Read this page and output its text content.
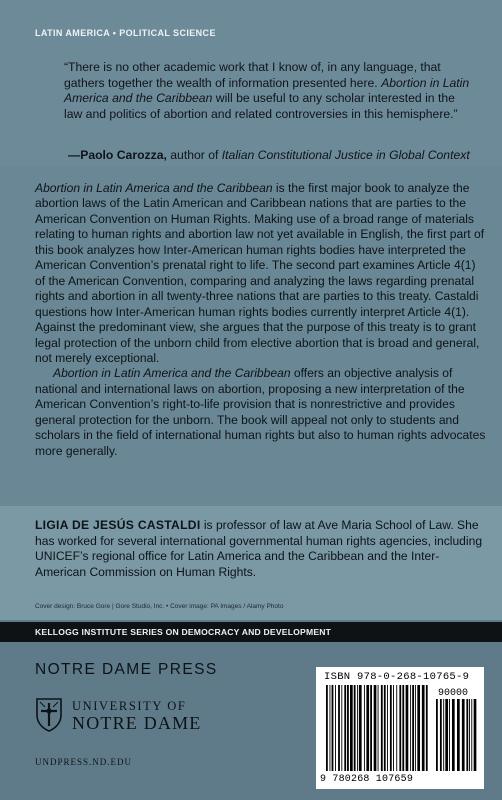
LATIN AMERICA • POLITICAL SCIENCE
“There is no other academic work that I know of, in any language, that gathers together the wealth of information presented here. Abortion in Latin America and the Caribbean will be useful to any scholar interested in the law and politics of abortion and related controversies in this hemisphere.”
—Paolo Carozza, author of Italian Constitutional Justice in Global Context

Abortion in Latin America and the Caribbean is the first major book to analyze the abortion laws of the Latin American and Caribbean nations that are parties to the American Convention on Human Rights. Making use of a broad range of materials relating to human rights and abortion law not yet available in English, the first part of this book analyzes how Inter-American human rights bodies have interpreted the American Convention’s prenatal right to life. The second part examines Article 4(1) of the American Convention, comparing and analyzing the laws regarding prenatal rights and abortion in all twenty-three nations that are parties to this treaty. Castaldi questions how Inter-American human rights bodies currently interpret Article 4(1). Against the predominant view, she argues that the purpose of this treaty is to grant legal protection of the unborn child from elective abortion that is broad and general, not merely exceptional.

Abortion in Latin America and the Caribbean offers an objective analysis of national and international laws on abortion, proposing a new interpretation of the American Convention’s right-to-life provision that is nonrestrictive and provides general protection for the unborn. The book will appeal not only to students and scholars in the field of international human rights but also to human rights advocates more generally.

LIGIA DE JESÚS CASTALDI is professor of law at Ave Maria School of Law. She has worked for several international governmental human rights agencies, including UNICEF’s regional office for Latin America and the Caribbean and the Inter-American Commission on Human Rights.
Cover design: Bruce Gore | Gore Studio, Inc. • Cover image: PA Images / Alamy Photo
KELLOGG INSTITUTE SERIES ON DEMOCRACY AND DEVELOPMENT
NOTRE DAME PRESS
UNIVERSITY OF
NOTRE DAME
UNDPRESS.ND.EDU
ISBN 978-0-268-10765-9
90000
9 780268 107659
